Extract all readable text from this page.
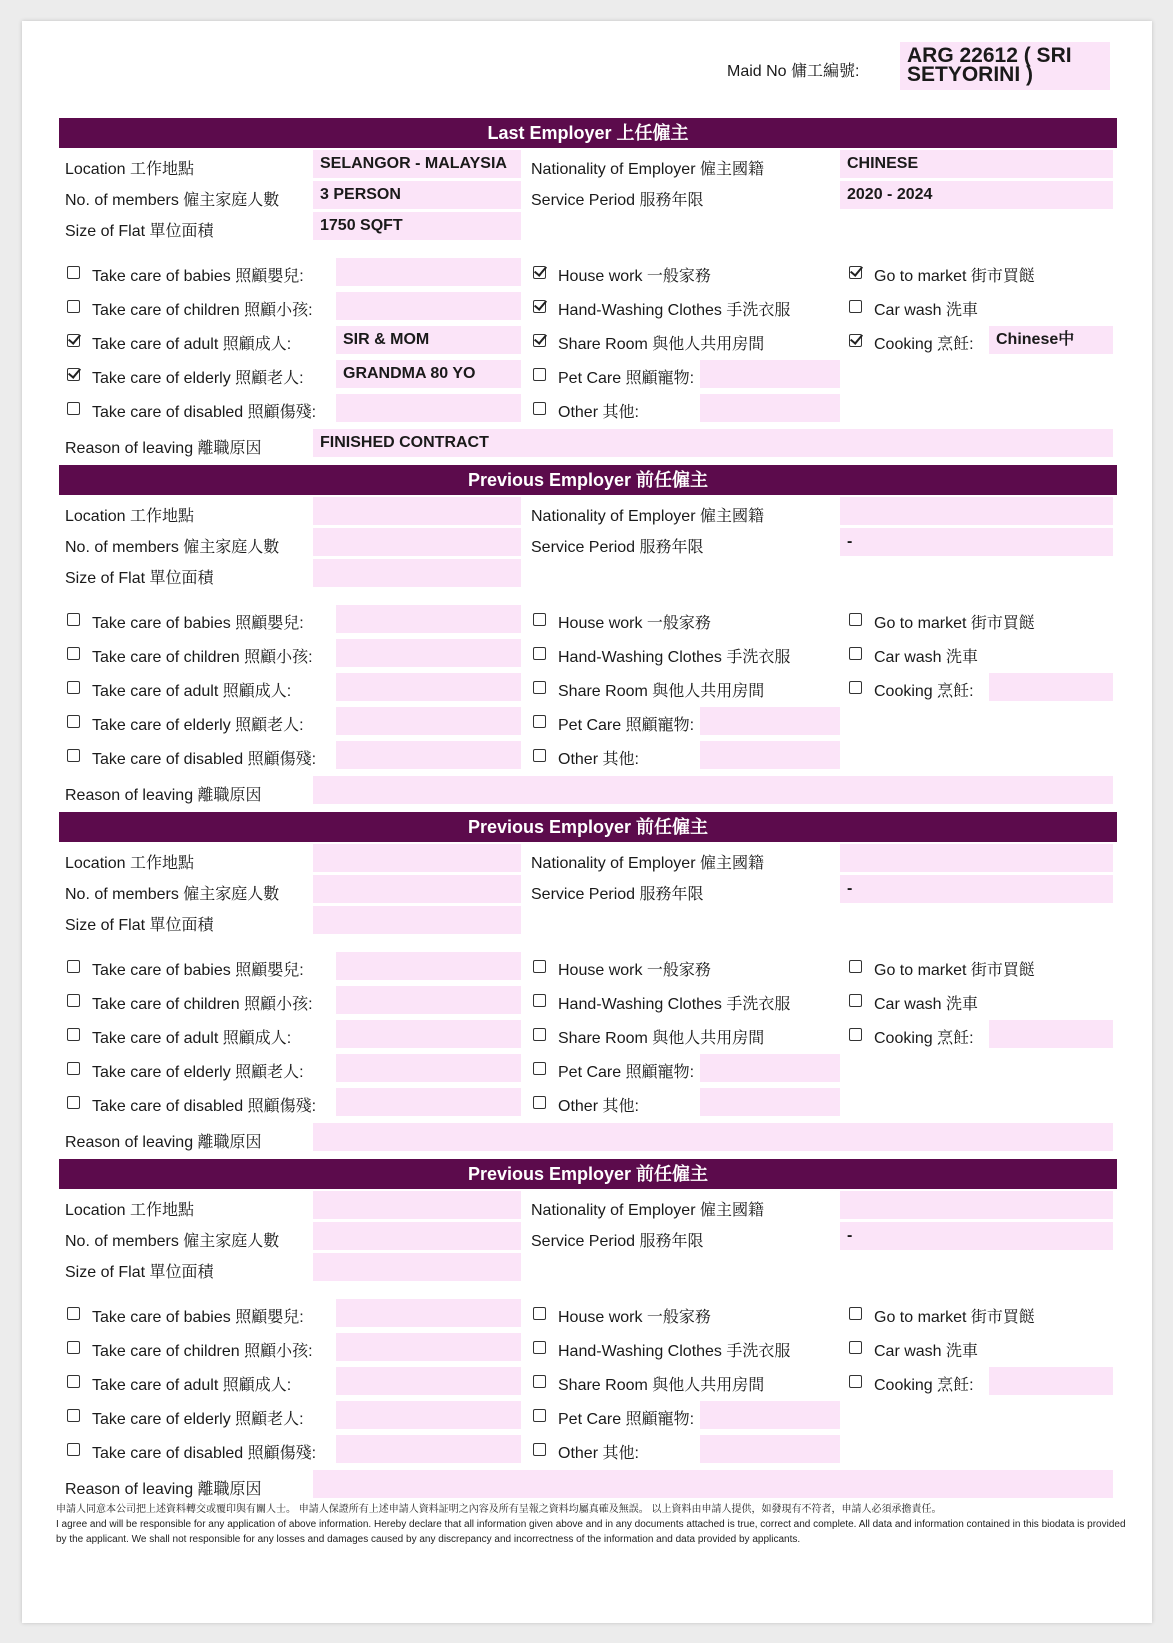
Maid No 傭工編號:
ARG 22612 ( SRI SETYORINI )
Last Employer 上任僱主
Location 工作地點	SELANGOR - MALAYSIA
No. of members 僱主家庭人數	3 PERSON
Size of Flat 單位面積	1750 SQFT
Nationality of Employer 僱主國籍	CHINESE
Service Period 服務年限	2020 - 2024
Take care of babies 照顧嬰兒:
Take care of children 照顧小孩:
Take care of adult 照顧成人:	SIR & MOM
Take care of elderly 照顧老人:	GRANDMA 80 YO
Take care of disabled 照顧傷殘:
House work 一般家務
Hand-Washing Clothes 手洗衣服
Share Room 與他人共用房間
Pet Care 照顧寵物:
Other 其他:
Go to market 街市買餸
Car wash 洗車
Cooking 烹飪:	Chinese中
Reason of leaving 離職原因	FINISHED CONTRACT
Previous Employer 前任僱主
Location 工作地點
No. of members 僱主家庭人數
Size of Flat 單位面積
Nationality of Employer 僱主國籍
Service Period 服務年限	-
Take care of babies 照顧嬰兒:
Take care of children 照顧小孩:
Take care of adult 照顧成人:
Take care of elderly 照顧老人:
Take care of disabled 照顧傷殘:
House work 一般家務
Hand-Washing Clothes 手洗衣服
Share Room 與他人共用房間
Pet Care 照顧寵物:
Other 其他:
Go to market 街市買餸
Car wash 洗車
Cooking 烹飪:
Reason of leaving 離職原因
Previous Employer 前任僱主
Location 工作地點
No. of members 僱主家庭人數
Size of Flat 單位面積
Nationality of Employer 僱主國籍
Service Period 服務年限	-
Take care of babies 照顧嬰兒:
Take care of children 照顧小孩:
Take care of adult 照顧成人:
Take care of elderly 照顧老人:
Take care of disabled 照顧傷殘:
House work 一般家務
Hand-Washing Clothes 手洗衣服
Share Room 與他人共用房間
Pet Care 照顧寵物:
Other 其他:
Go to market 街市買餸
Car wash 洗車
Cooking 烹飪:
Reason of leaving 離職原因
Previous Employer 前任僱主
Location 工作地點
No. of members 僱主家庭人數
Size of Flat 單位面積
Nationality of Employer 僱主國籍
Service Period 服務年限	-
Take care of babies 照顧嬰兒:
Take care of children 照顧小孩:
Take care of adult 照顧成人:
Take care of elderly 照顧老人:
Take care of disabled 照顧傷殘:
House work 一般家務
Hand-Washing Clothes 手洗衣服
Share Room 與他人共用房間
Pet Care 照顧寵物:
Other 其他:
Go to market 街市買餸
Car wash 洗車
Cooking 烹飪:
Reason of leaving 離職原因
申請人同意本公司把上述資料轉交或覆印與有關人士。 申請人保證所有上述申請人資料証明之內容及所有呈報之資料均屬真確及無誤。 以上資料由申請人提供，如發現有不符者，申請人必須承擔責任。
I agree and will be responsible for any application of above information. Hereby declare that all information given above and in any documents attached is true, correct and complete. All data and information contained in this biodata is provided by the applicant. We shall not responsible for any losses and damages caused by any discrepancy and incorrectness of the information and data provided by applicants.
